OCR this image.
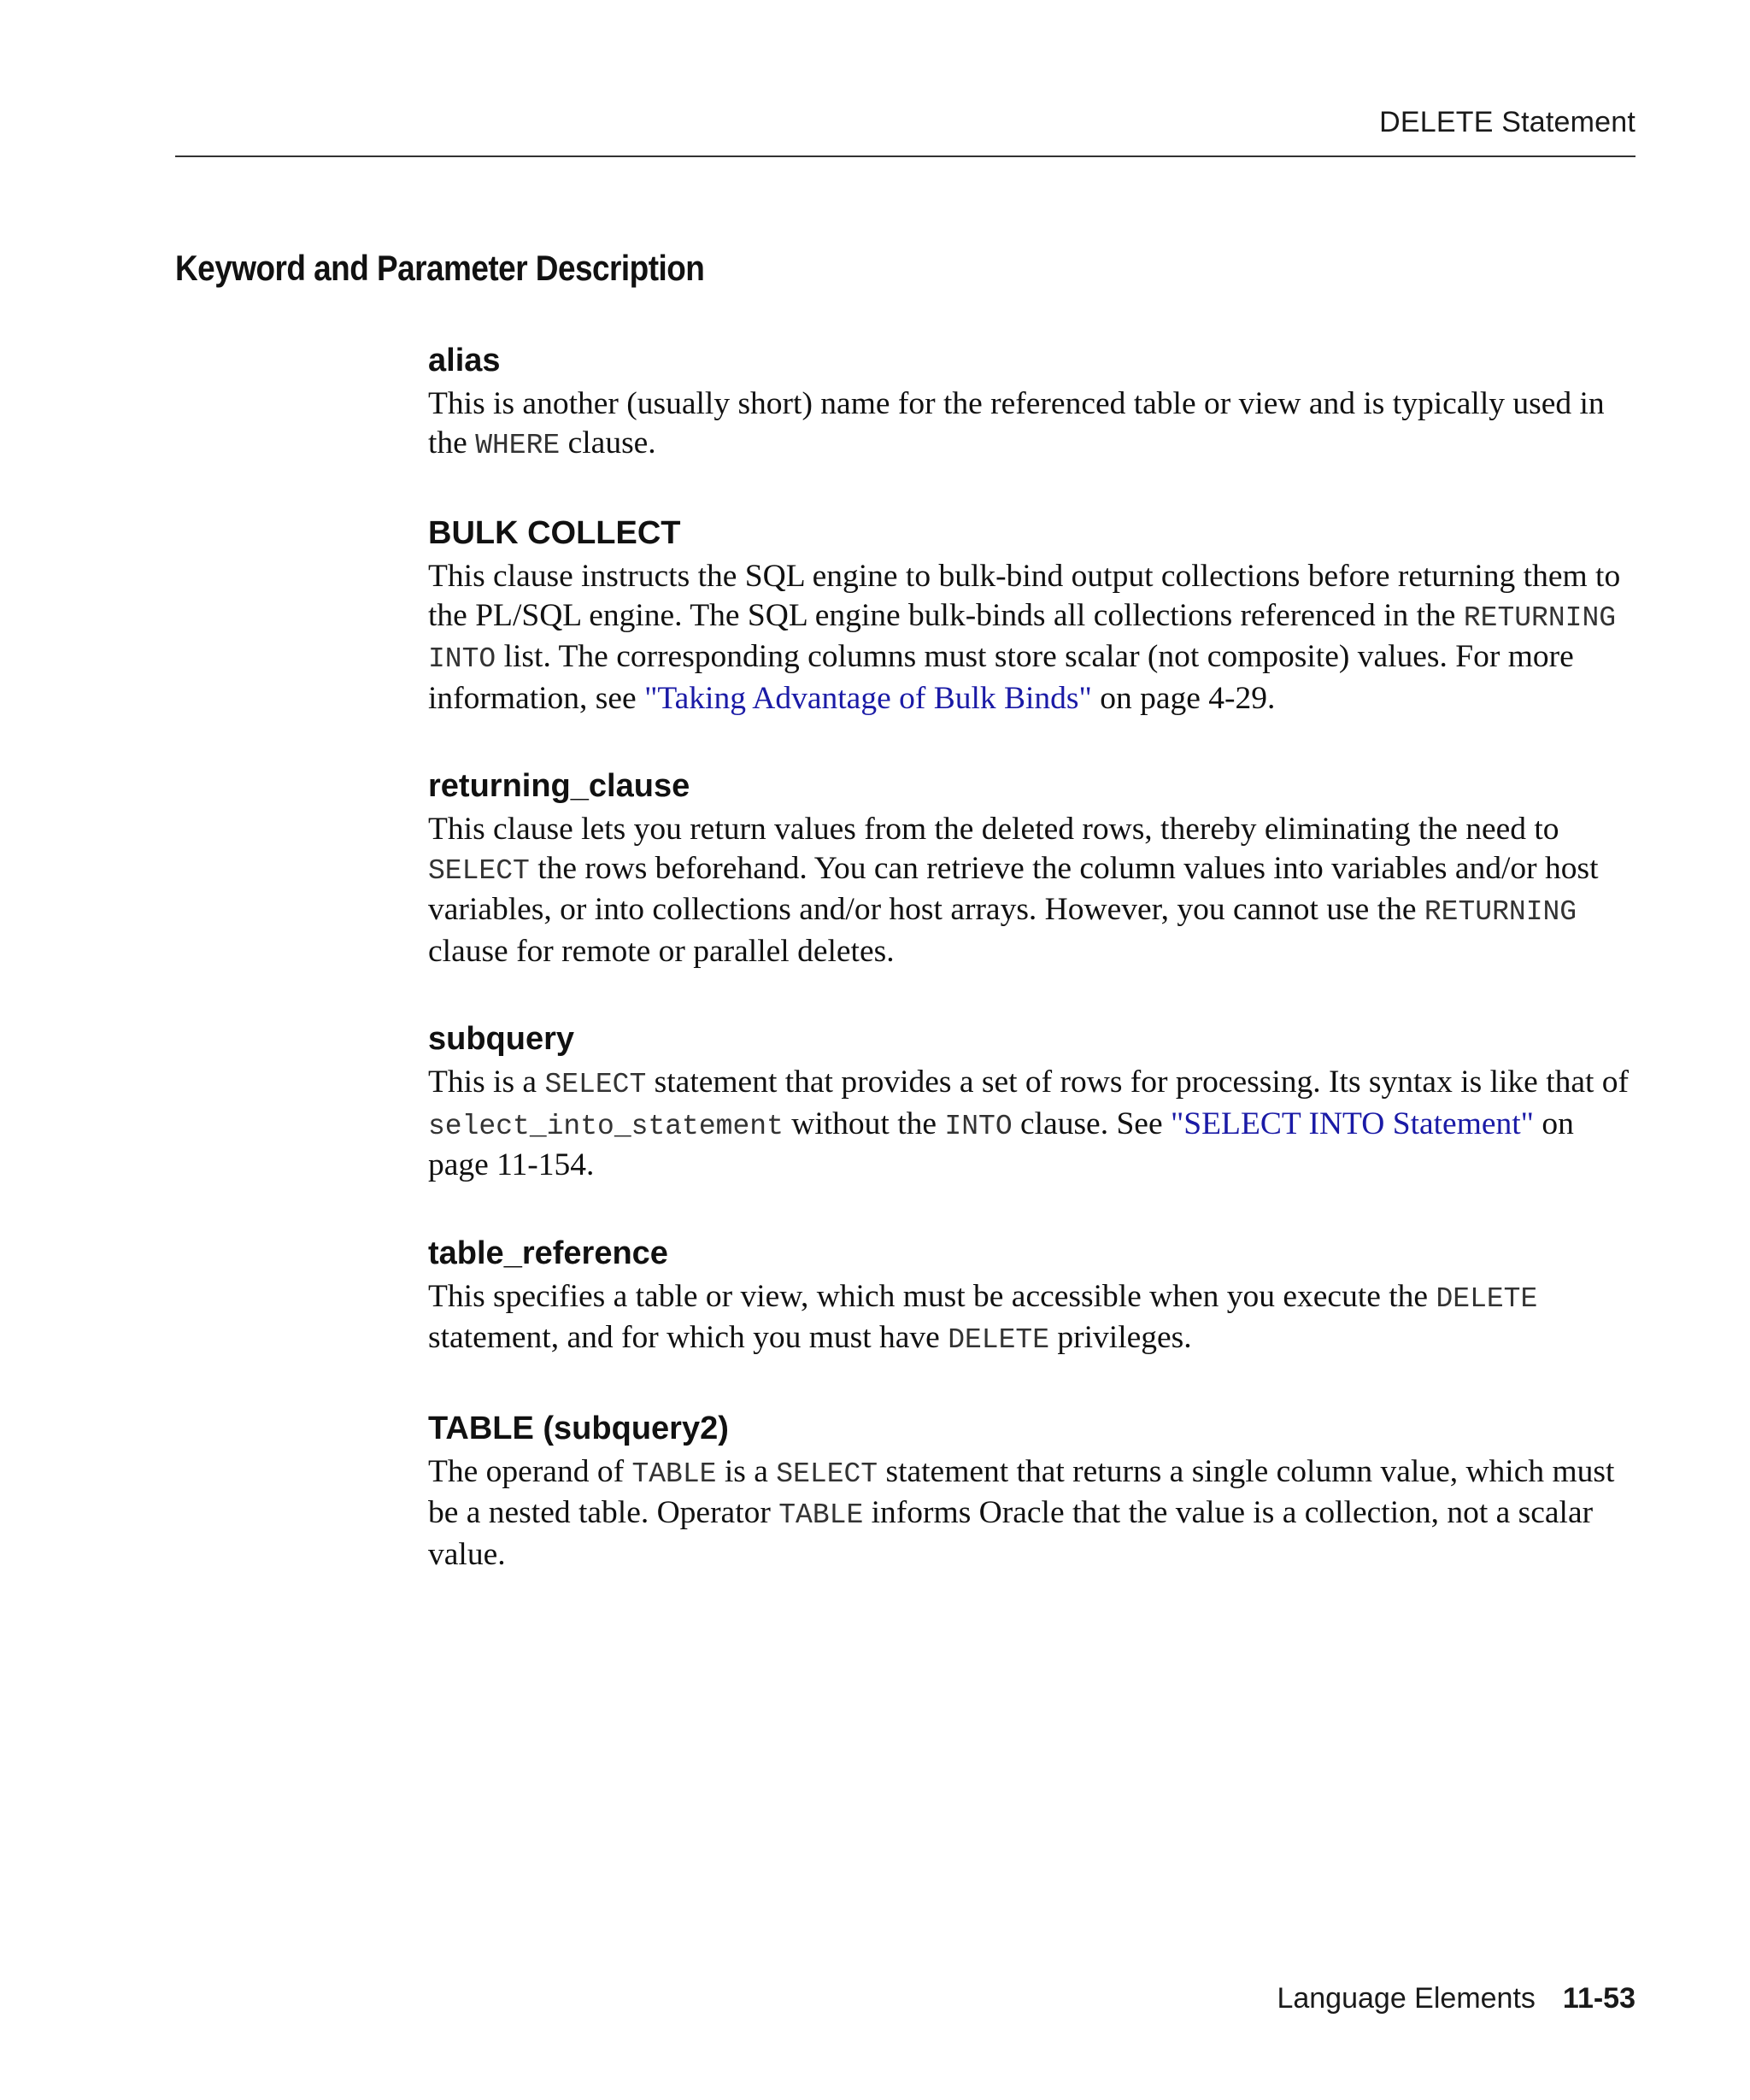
DELETE Statement
Keyword and Parameter Description
alias

This is another (usually short) name for the referenced table or view and is typically used in the WHERE clause.

BULK COLLECT

This clause instructs the SQL engine to bulk-bind output collections before returning them to the PL/SQL engine. The SQL engine bulk-binds all collections referenced in the RETURNING INTO list. The corresponding columns must store scalar (not composite) values. For more information, see "Taking Advantage of Bulk Binds" on page 4-29.

returning_clause

This clause lets you return values from the deleted rows, thereby eliminating the need to SELECT the rows beforehand. You can retrieve the column values into variables and/or host variables, or into collections and/or host arrays. However, you cannot use the RETURNING clause for remote or parallel deletes.

subquery

This is a SELECT statement that provides a set of rows for processing. Its syntax is like that of select_into_statement without the INTO clause. See "SELECT INTO Statement" on page 11-154.

table_reference

This specifies a table or view, which must be accessible when you execute the DELETE statement, and for which you must have DELETE privileges.

TABLE (subquery2)

The operand of TABLE is a SELECT statement that returns a single column value, which must be a nested table. Operator TABLE informs Oracle that the value is a collection, not a scalar value.

Language Elements 11-53
